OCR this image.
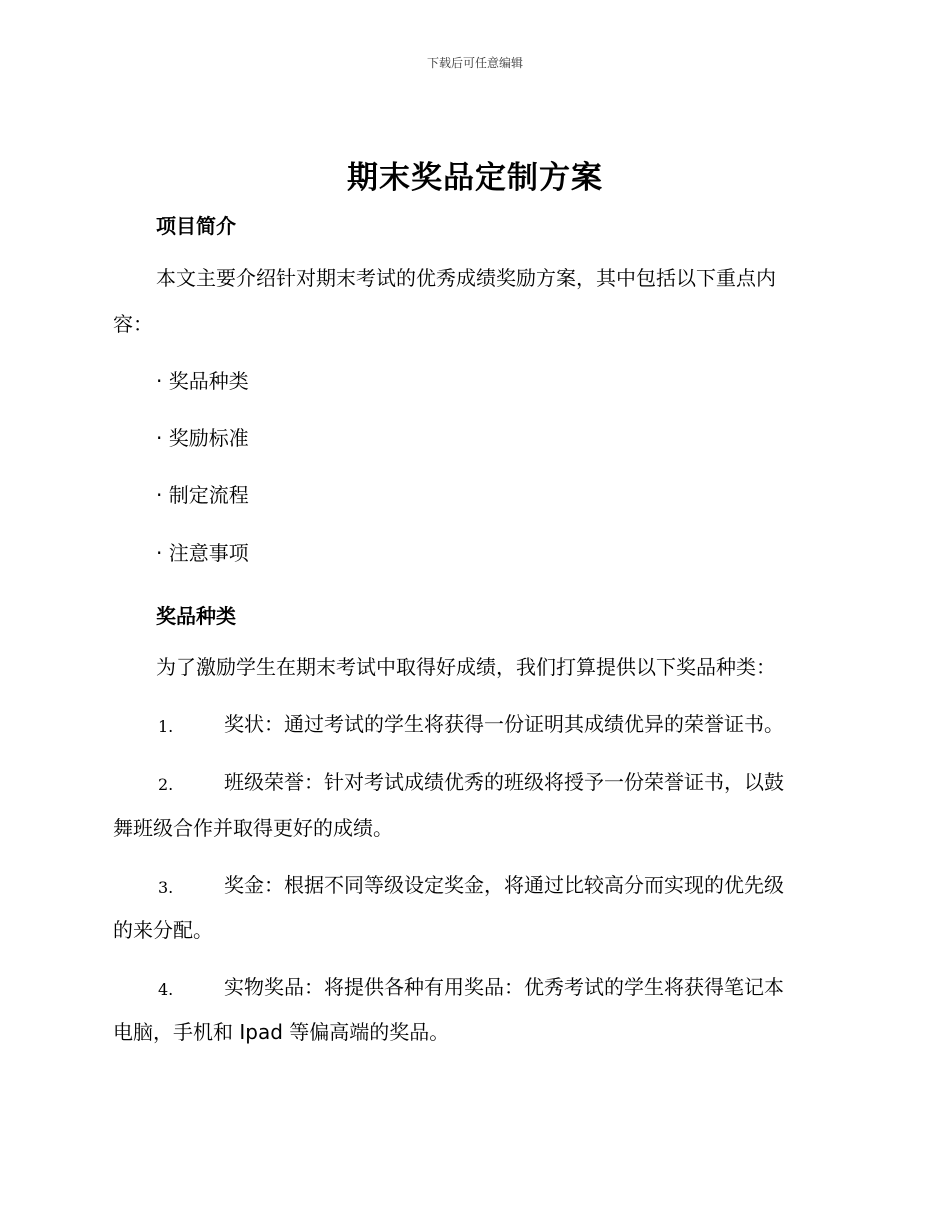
下载后可任意编辑
期末奖品定制方案
项目简介
本文主要介绍针对期末考试的优秀成绩奖励方案，其中包括以下重点内
容：
· 奖品种类
· 奖励标准
· 制定流程
· 注意事项
奖品种类
为了激励学生在期末考试中取得好成绩，我们打算提供以下奖品种类：
1.	奖状：通过考试的学生将获得一份证明其成绩优异的荣誉证书。
2.	班级荣誉：针对考试成绩优秀的班级将授予一份荣誉证书，以鼓
舞班级合作并取得更好的成绩。
3.	奖金：根据不同等级设定奖金，将通过比较高分而实现的优先级
的来分配。
4.	实物奖品：将提供各种有用奖品：优秀考试的学生将获得笔记本
电脑，手机和 Ipad 等偏高端的奖品。
